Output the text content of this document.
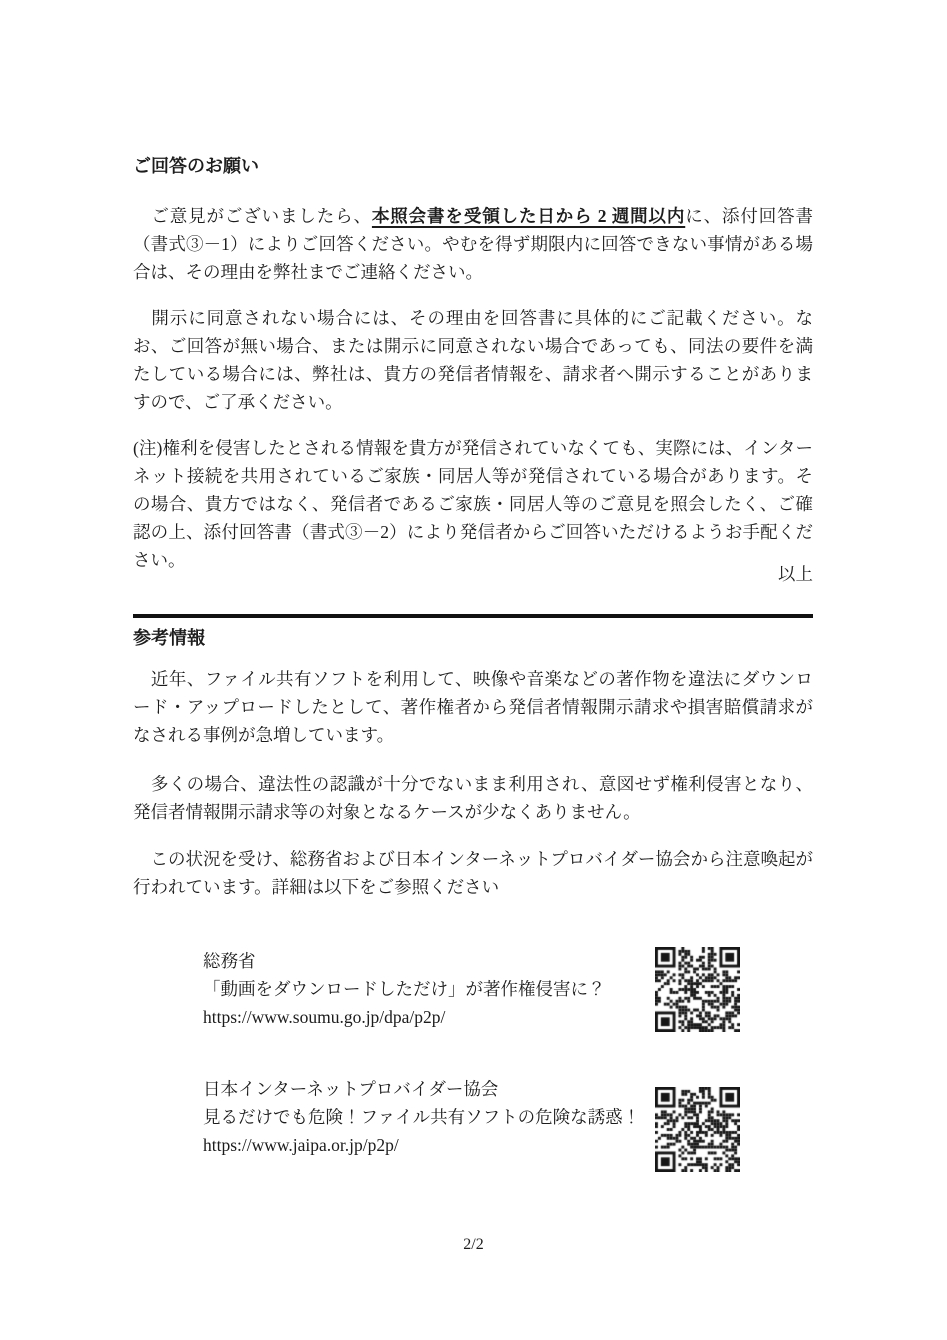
ご回答のお願い

　ご意見がございましたら、本照会書を受領した日から 2 週間以内に、添付回答書（書式③－1）によりご回答ください。やむを得ず期限内に回答できない事情がある場合は、その理由を弊社までご連絡ください。

　開示に同意されない場合には、その理由を回答書に具体的にご記載ください。なお、ご回答が無い場合、または開示に同意されない場合であっても、同法の要件を満たしている場合には、弊社は、貴方の発信者情報を、請求者へ開示することがありますので、ご了承ください。

(注)権利を侵害したとされる情報を貴方が発信されていなくても、実際には、インターネット接続を共用されているご家族・同居人等が発信されている場合があります。その場合、貴方ではなく、発信者であるご家族・同居人等のご意見を照会したく、ご確認の上、添付回答書（書式③－2）により発信者からご回答いただけるようお手配ください。

以上
参考情報

　近年、ファイル共有ソフトを利用して、映像や音楽などの著作物を違法にダウンロード・アップロードしたとして、著作権者から発信者情報開示請求や損害賠償請求がなされる事例が急増しています。

　多くの場合、違法性の認識が十分でないまま利用され、意図せず権利侵害となり、発信者情報開示請求等の対象となるケースが少なくありません。

　この状況を受け、総務省および日本インターネットプロバイダー協会から注意喚起が行われています。詳細は以下をご参照ください

総務省
「動画をダウンロードしただけ」が著作権侵害に？
https://www.soumu.go.jp/dpa/p2p/
日本インターネットプロバイダー協会
見るだけでも危険！ファイル共有ソフトの危険な誘惑！
https://www.jaipa.or.jp/p2p/
2/2
